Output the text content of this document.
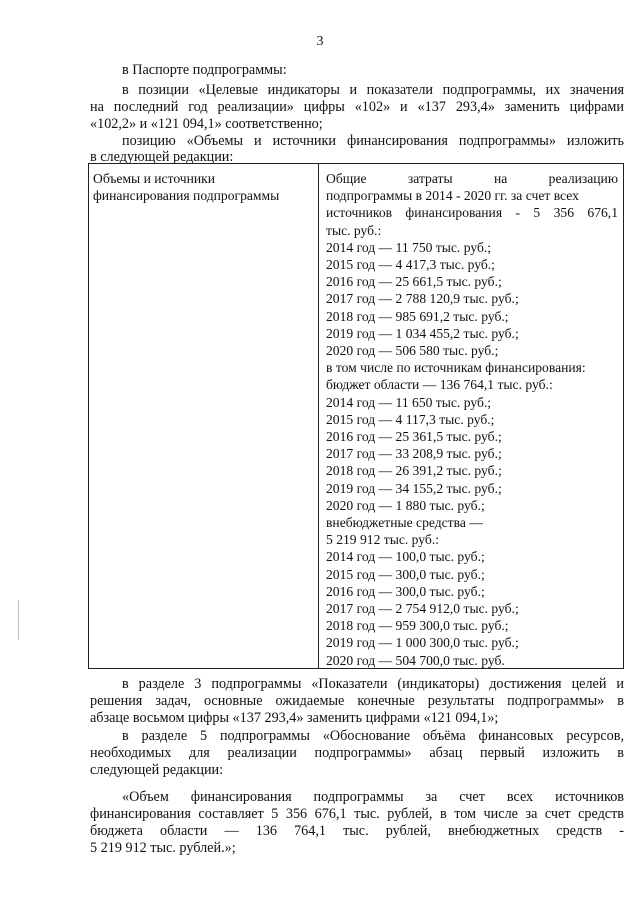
3
в Паспорте подпрограммы:
в позиции «Целевые индикаторы и показатели подпрограммы, их значения
на последний год реализации» цифры «102» и «137 293,4» заменить цифрами
«102,2» и «121 094,1» соответственно;
позицию «Объемы и источники финансирования подпрограммы» изложить
в следующей редакции:
Объемы и источники
финансирования подпрограммы
Общие затраты на реализацию
подпрограммы в 2014 - 2020 гг. за счет всех
источников финансирования - 5 356 676,1
тыс. руб.:
2014 год — 11 750 тыс. руб.;
2015 год — 4 417,3 тыс. руб.;
2016 год — 25 661,5 тыс. руб.;
2017 год — 2 788 120,9 тыс. руб.;
2018 год — 985 691,2 тыс. руб.;
2019 год — 1 034 455,2 тыс. руб.;
2020 год — 506 580 тыс. руб.;
в том числе по источникам финансирования:
бюджет области — 136 764,1 тыс. руб.:
2014 год — 11 650 тыс. руб.;
2015 год — 4 117,3 тыс. руб.;
2016 год — 25 361,5 тыс. руб.;
2017 год — 33 208,9 тыс. руб.;
2018 год — 26 391,2 тыс. руб.;
2019 год — 34 155,2 тыс. руб.;
2020 год — 1 880 тыс. руб.;
внебюджетные средства —
5 219 912 тыс. руб.:
2014 год — 100,0 тыс. руб.;
2015 год — 300,0 тыс. руб.;
2016 год — 300,0 тыс. руб.;
2017 год — 2 754 912,0 тыс. руб.;
2018 год — 959 300,0 тыс. руб.;
2019 год — 1 000 300,0 тыс. руб.;
2020 год — 504 700,0 тыс. руб.
в разделе 3 подпрограммы «Показатели (индикаторы) достижения целей и
решения задач, основные ожидаемые конечные результаты подпрограммы» в
абзаце восьмом цифры «137 293,4» заменить цифрами «121 094,1»;
в разделе 5 подпрограммы «Обоснование объёма финансовых ресурсов,
необходимых для реализации подпрограммы» абзац первый изложить в
следующей редакции:
«Объем финансирования подпрограммы за счет всех источников
финансирования составляет 5 356 676,1 тыс. рублей, в том числе за счет средств
бюджета области — 136 764,1 тыс. рублей, внебюджетных средств -
5 219 912 тыс. рублей.»;
